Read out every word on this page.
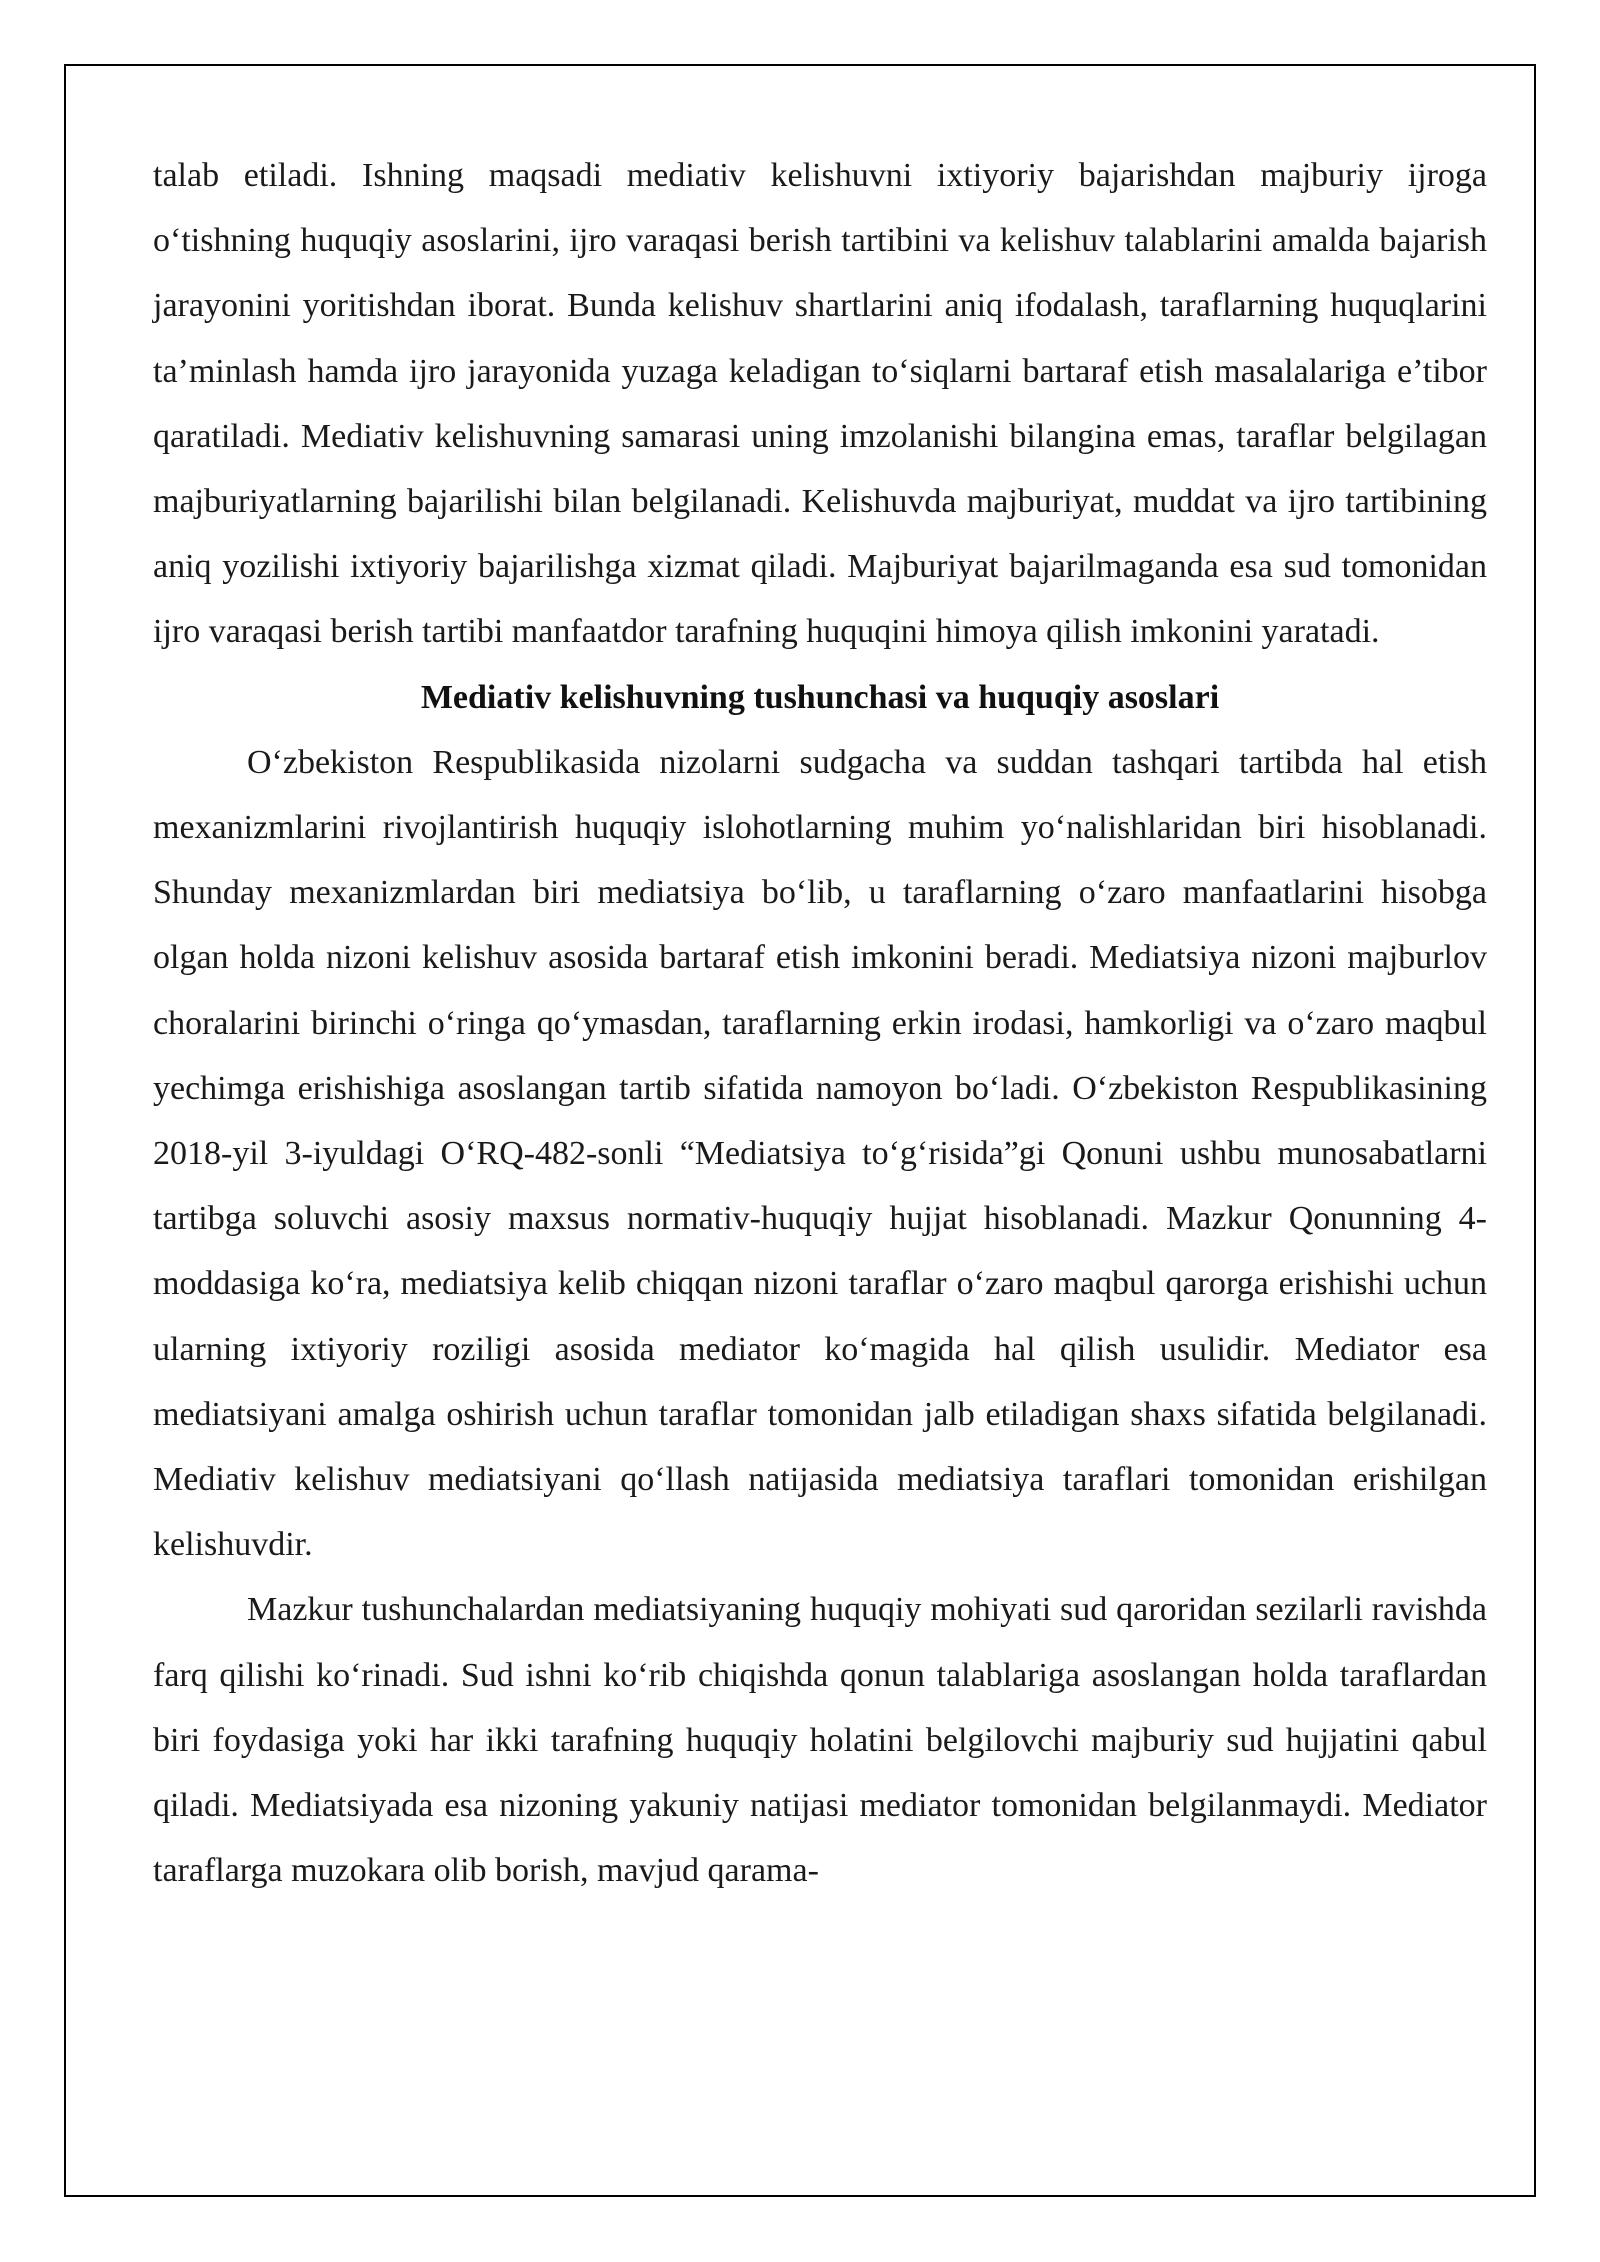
talab etiladi. Ishning maqsadi mediativ kelishuvni ixtiyoriy bajarishdan majburiy ijroga o‘tishning huquqiy asoslarini, ijro varaqasi berish tartibini va kelishuv talablarini amalda bajarish jarayonini yoritishdan iborat. Bunda kelishuv shartlarini aniq ifodalash, taraflarning huquqlarini ta’minlash hamda ijro jarayonida yuzaga keladigan to‘siqlarni bartaraf etish masalalariga e’tibor qaratiladi. Mediativ kelishuvning samarasi uning imzolanishi bilangina emas, taraflar belgilagan majburiyatlarning bajarilishi bilan belgilanadi. Kelishuvda majburiyat, muddat va ijro tartibining aniq yozilishi ixtiyoriy bajarilishga xizmat qiladi. Majburiyat bajarilmaganda esa sud tomonidan ijro varaqasi berish tartibi manfaatdor tarafning huquqini himoya qilish imkonini yaratadi.

Mediativ kelishuvning tushunchasi va huquqiy asoslari

O‘zbekiston Respublikasida nizolarni sudgacha va suddan tashqari tartibda hal etish mexanizmlarini rivojlantirish huquqiy islohotlarning muhim yo‘nalishlaridan biri hisoblanadi. Shunday mexanizmlardan biri mediatsiya bo‘lib, u taraflarning o‘zaro manfaatlarini hisobga olgan holda nizoni kelishuv asosida bartaraf etish imkonini beradi. Mediatsiya nizoni majburlov choralarini birinchi o‘ringa qo‘ymasdan, taraflarning erkin irodasi, hamkorligi va o‘zaro maqbul yechimga erishishiga asoslangan tartib sifatida namoyon bo‘ladi. O‘zbekiston Respublikasining 2018-yil 3-iyuldagi O‘RQ-482-sonli “Mediatsiya to‘g‘risida”gi Qonuni ushbu munosabatlarni tartibga soluvchi asosiy maxsus normativ-huquqiy hujjat hisoblanadi. Mazkur Qonunning 4-moddasiga ko‘ra, mediatsiya kelib chiqqan nizoni taraflar o‘zaro maqbul qarorga erishishi uchun ularning ixtiyoriy roziligi asosida mediator ko‘magida hal qilish usulidir. Mediator esa mediatsiyani amalga oshirish uchun taraflar tomonidan jalb etiladigan shaxs sifatida belgilanadi. Mediativ kelishuv mediatsiyani qo‘llash natijasida mediatsiya taraflari tomonidan erishilgan kelishuvdir.

Mazkur tushunchalardan mediatsiyaning huquqiy mohiyati sud qaroridan sezilarli ravishda farq qilishi ko‘rinadi. Sud ishni ko‘rib chiqishda qonun talablariga asoslangan holda taraflardan biri foydasiga yoki har ikki tarafning huquqiy holatini belgilovchi majburiy sud hujjatini qabul qiladi. Mediatsiyada esa nizoning yakuniy natijasi mediator tomonidan belgilanmaydi. Mediator taraflarga muzokara olib borish, mavjud qarama-
